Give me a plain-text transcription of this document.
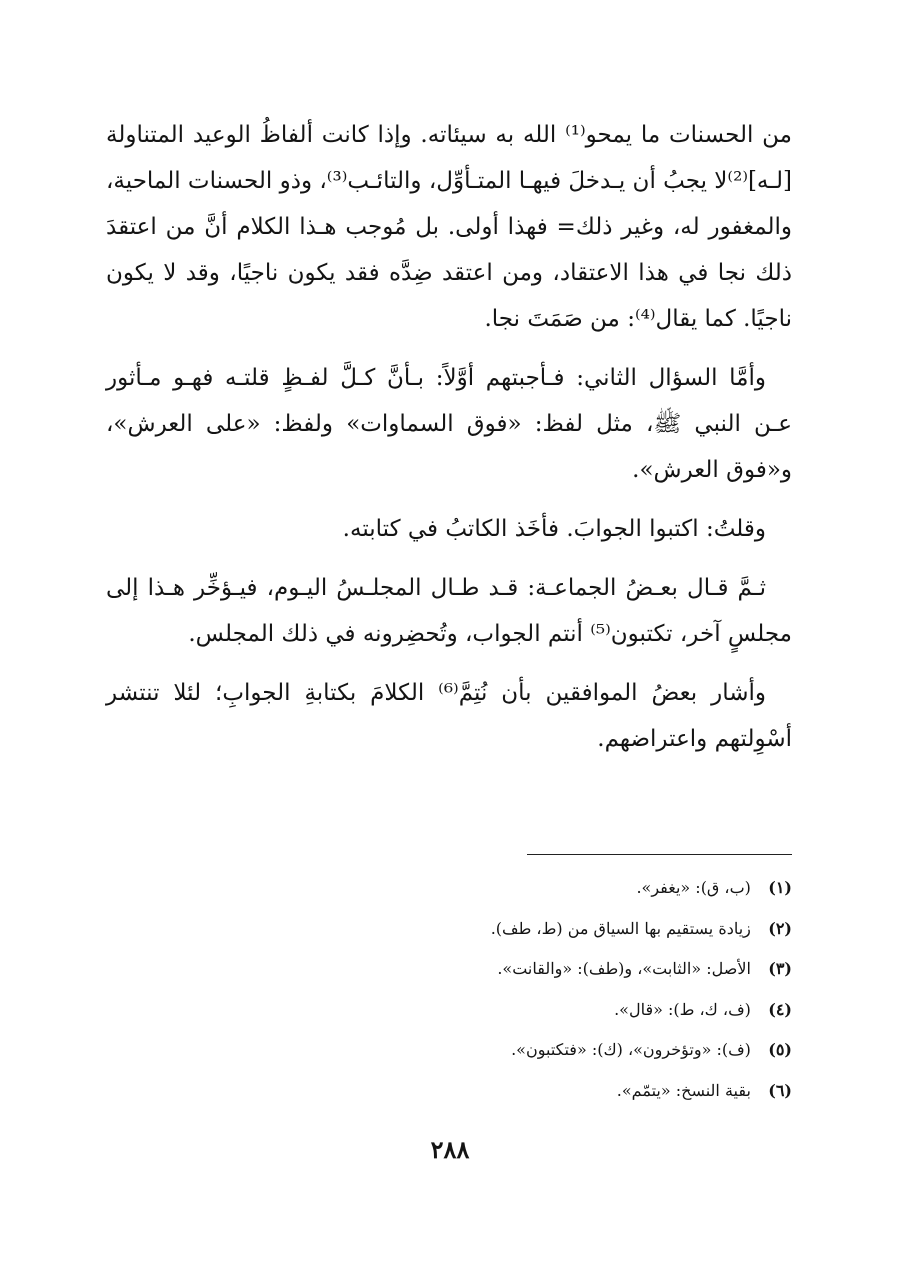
من الحسنات ما يمحو⁽¹⁾ الله به سيئاته. وإذا كانت ألفاظُ الوعيد المتناولة [لـه]⁽²⁾لا يجبُ أن يـدخلَ فيهـا المتـأوِّل، والتائـب⁽³⁾، وذو الحسنات الماحية، والمغفور له، وغير ذلك= فهذا أولى. بل مُوجب هـذا الكلام أنَّ من اعتقدَ ذلك نجا في هذا الاعتقاد، ومن اعتقد ضِدَّه فقد يكون ناجيًا، وقد لا يكون ناجيًا. كما يقال⁽⁴⁾: من صَمَتَ نجا.

وأمَّا السؤال الثاني: فـأجبتهم أوَّلاً: بـأنَّ كـلَّ لفـظٍ قلتـه فهـو مـأثور عـن النبي ﷺ، مثل لفظ: «فوق السماوات» ولفظ: «على العرش»، و«فوق العرش».

وقلتُ: اكتبوا الجوابَ. فأخَذ الكاتبُ في كتابته.

ثـمَّ قـال بعـضُ الجماعـة: قـد طـال المجلـسُ اليـوم، فيـؤخِّر هـذا إلى مجلسٍ آخر، تكتبون⁽⁵⁾ أنتم الجواب، وتُحضِرونه في ذلك المجلس.

وأشار بعضُ الموافقين بأن نُتِمَّ⁽⁶⁾ الكلامَ بكتابةِ الجوابِ؛ لئلا تنتشر أسْوِلتهم واعتراضهم.

(١) (ب، ق): «يغفر».

(٢) زيادة يستقيم بها السياق من (ط، طف).

(٣) الأصل: «الثابت»، و(طف): «والقانت».

(٤) (ف، ك، ط): «قال».

(٥) (ف): «وتؤخرون»، (ك): «فتكتبون».

(٦) بقية النسخ: «يتمّم».

٢٨٨
